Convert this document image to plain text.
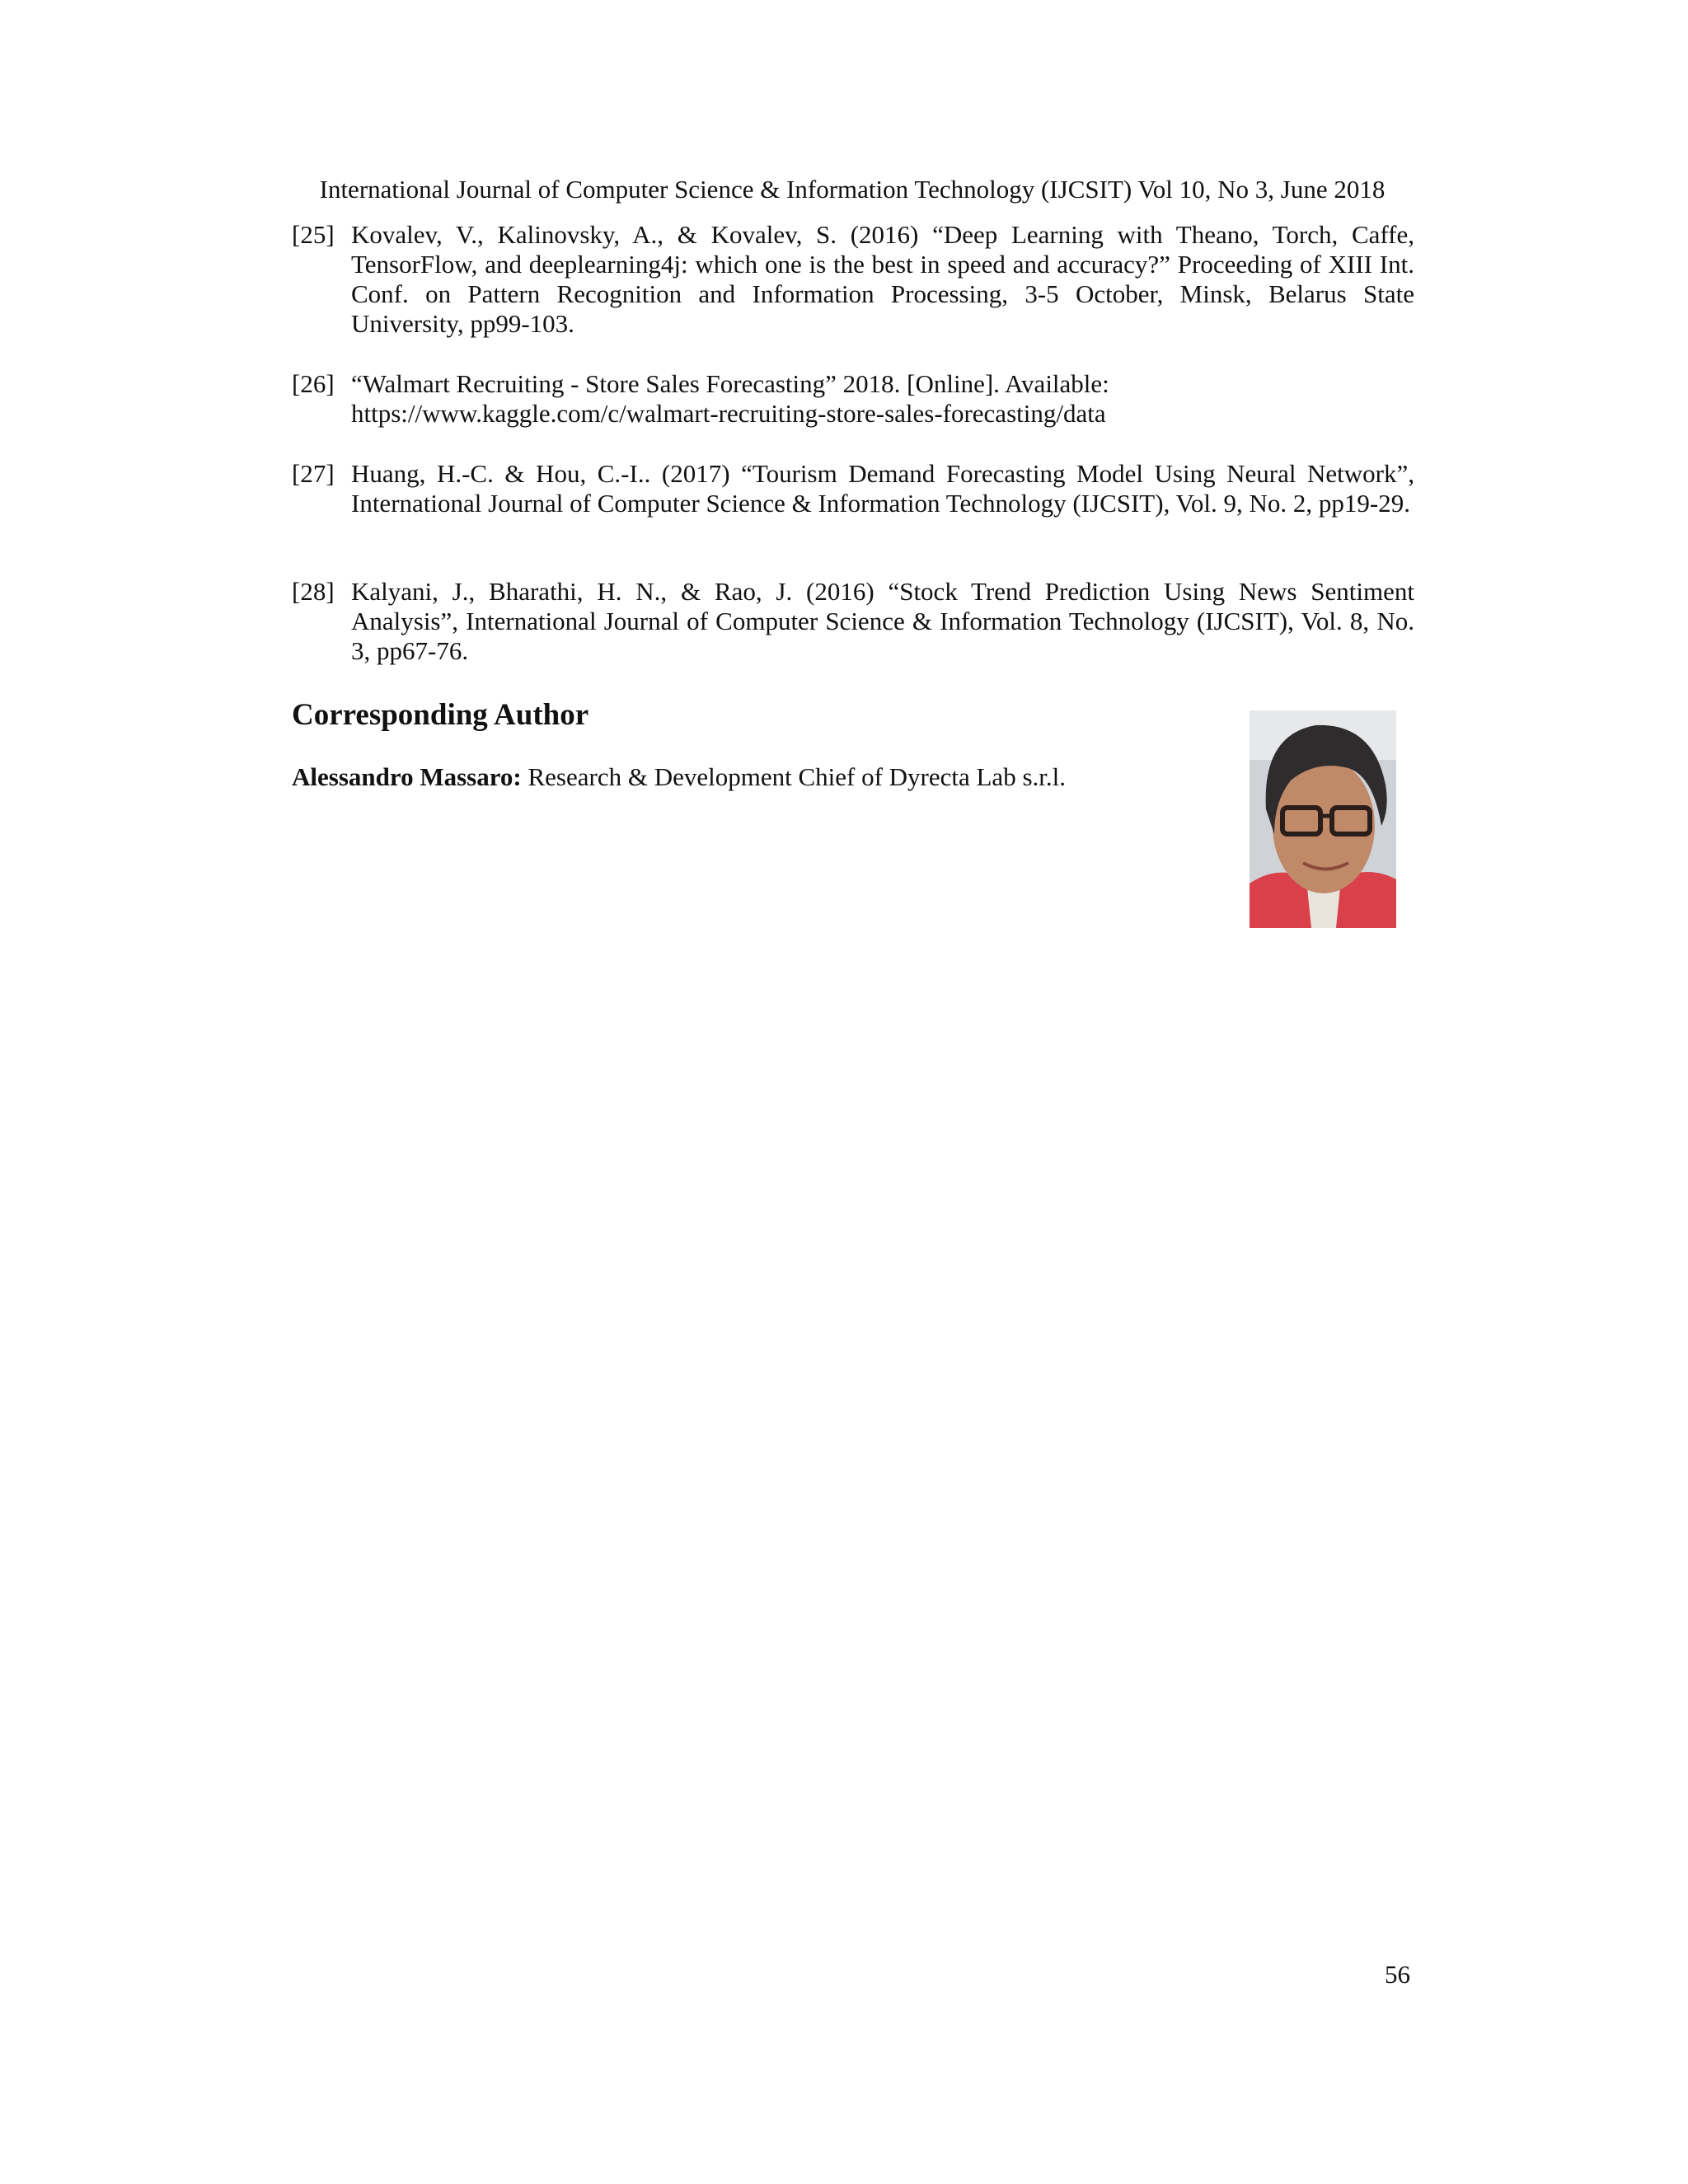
International Journal of Computer Science & Information Technology (IJCSIT) Vol 10, No 3, June 2018
[25] Kovalev, V., Kalinovsky, A., & Kovalev, S. (2016) “Deep Learning with Theano, Torch, Caffe, TensorFlow, and deeplearning4j: which one is the best in speed and accuracy?” Proceeding of XIII Int. Conf. on Pattern Recognition and Information Processing, 3-5 October, Minsk, Belarus State University, pp99-103.
[26] “Walmart Recruiting - Store Sales Forecasting” 2018. [Online]. Available:
https://www.kaggle.com/c/walmart-recruiting-store-sales-forecasting/data
[27] Huang, H.-C. & Hou, C.-I.. (2017) “Tourism Demand Forecasting Model Using Neural Network”, International Journal of Computer Science & Information Technology (IJCSIT), Vol. 9, No. 2, pp19-29.
[28] Kalyani, J., Bharathi, H. N., & Rao, J. (2016) “Stock Trend Prediction Using News Sentiment Analysis”, International Journal of Computer Science & Information Technology (IJCSIT), Vol. 8, No. 3, pp67-76.
Corresponding Author
Alessandro Massaro: Research & Development Chief of Dyrecta Lab s.r.l.
56
